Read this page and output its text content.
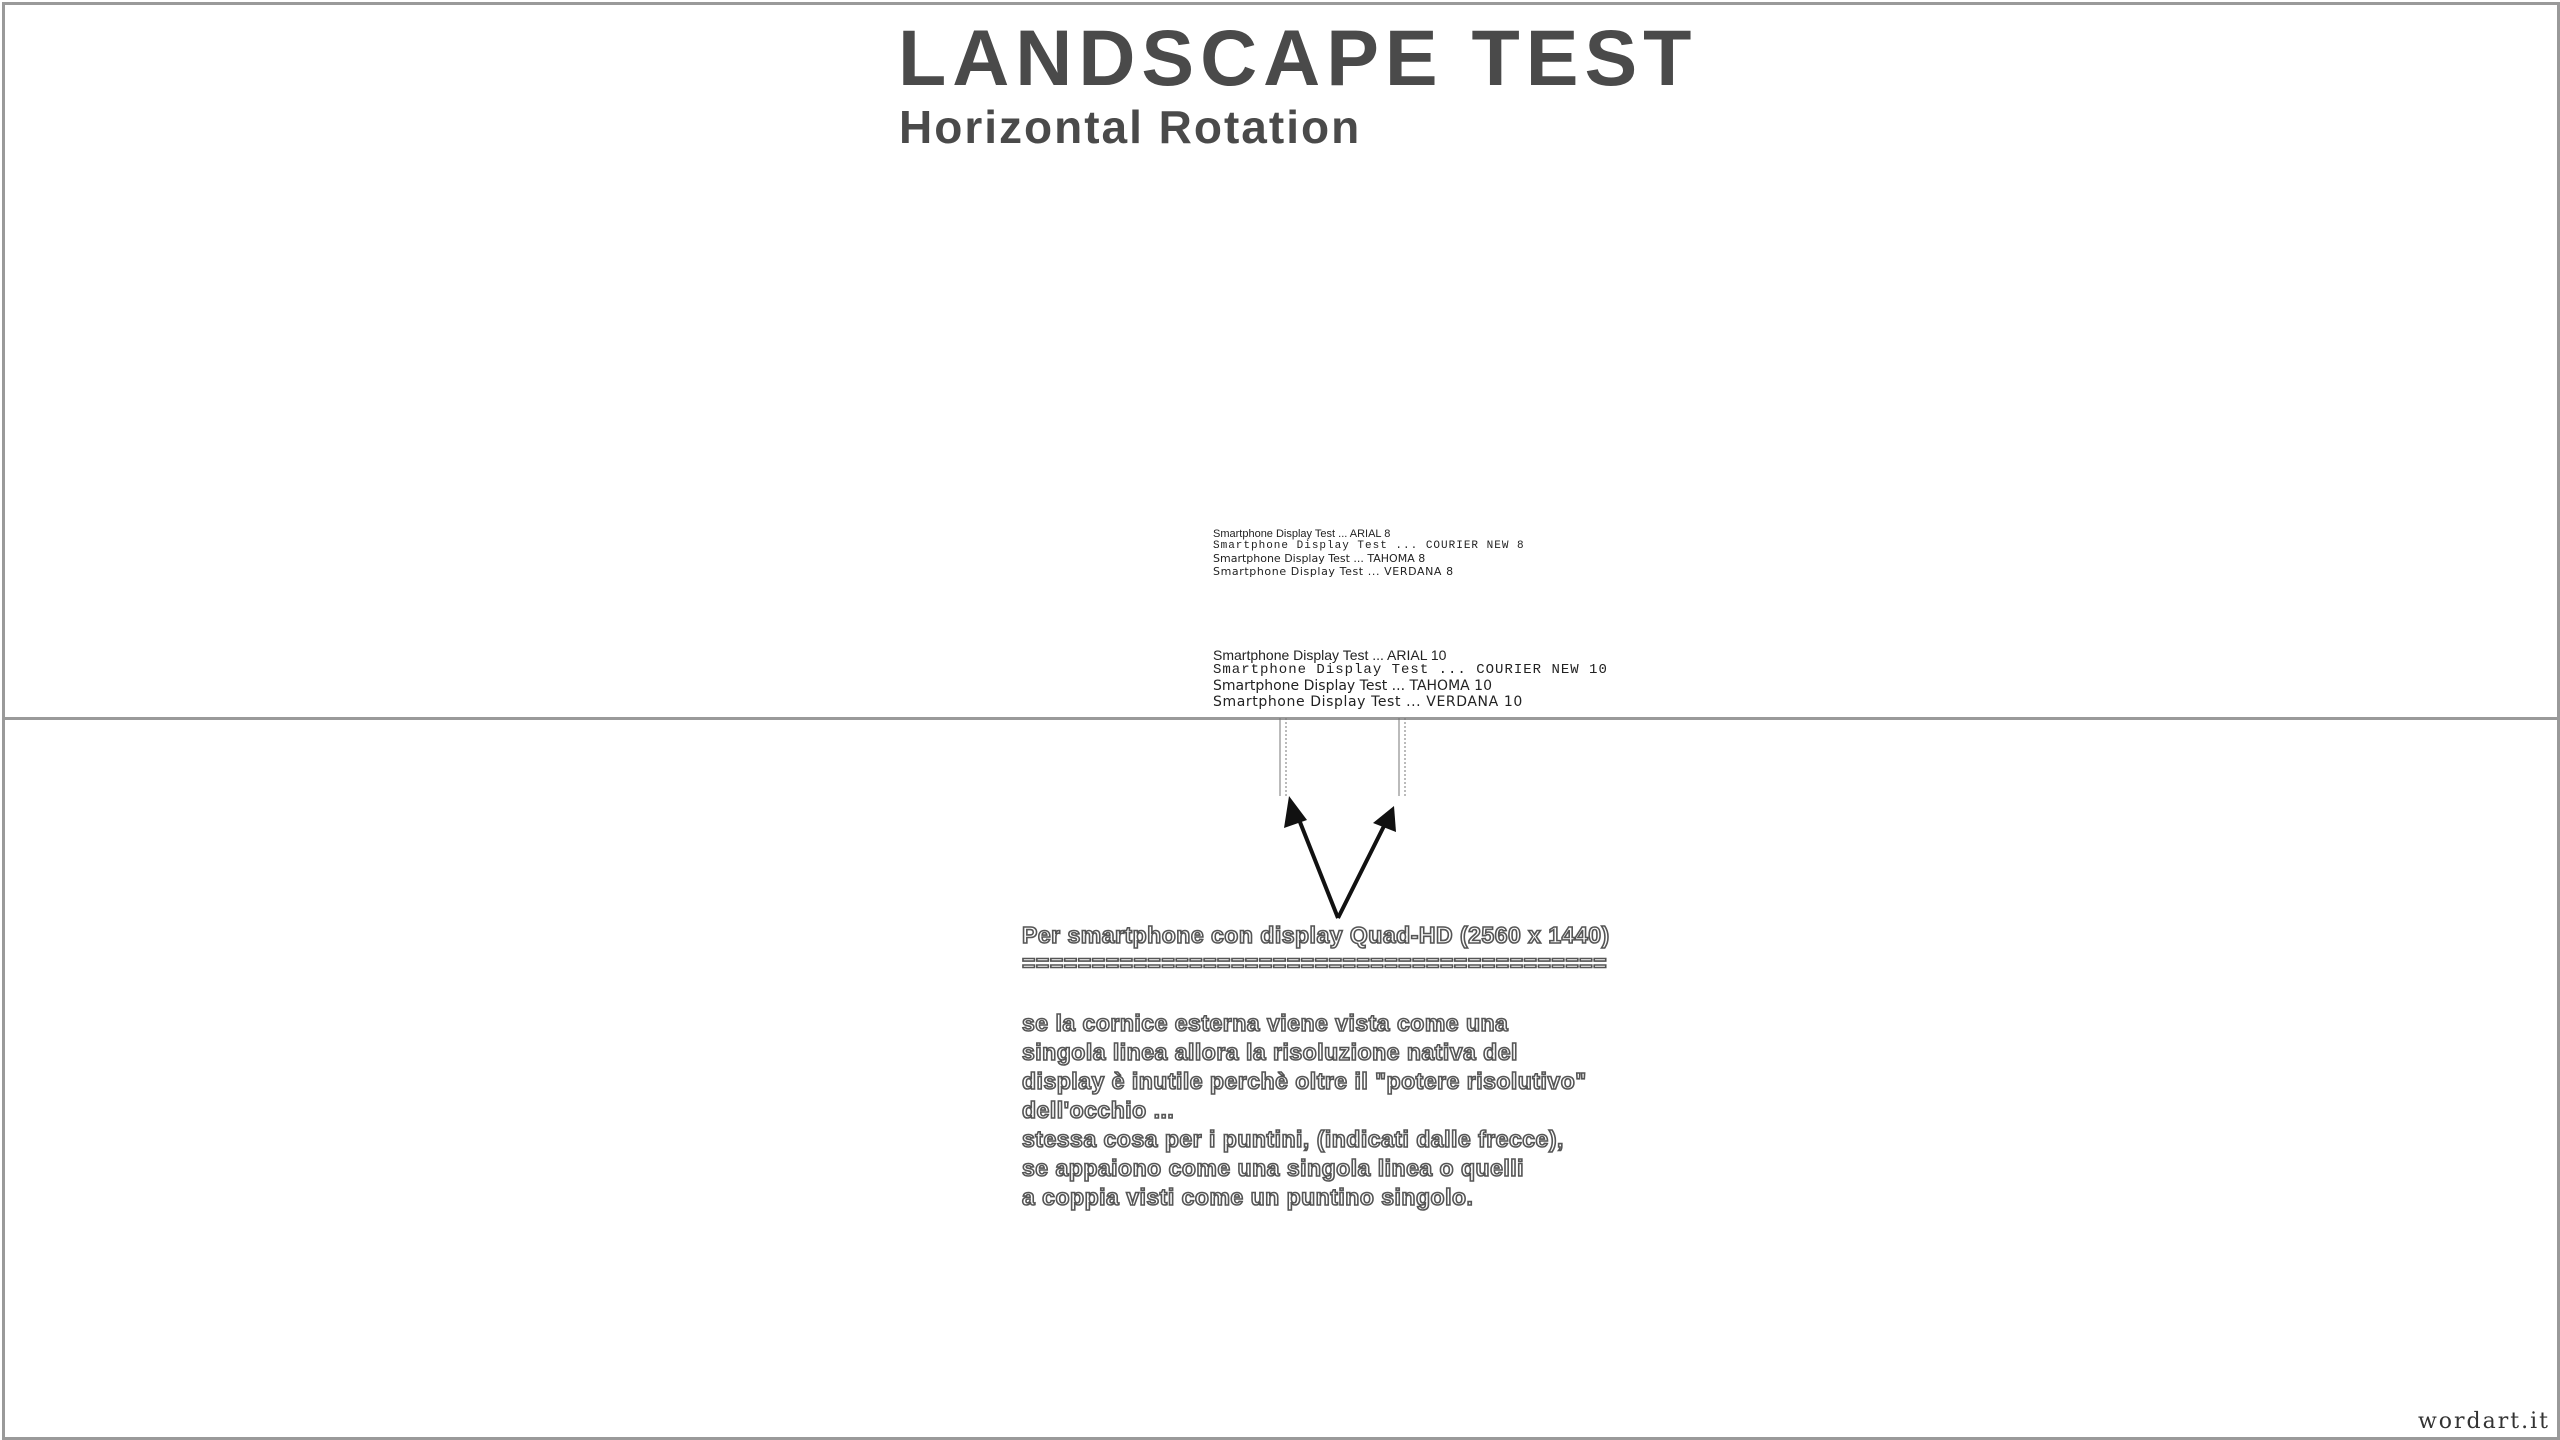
LANDSCAPE TEST
Horizontal Rotation
Smartphone Display Test ... ARIAL 8
Smartphone Display Test ... COURIER NEW 8
Smartphone Display Test ... TAHOMA 8
Smartphone Display Test ... VERDANA 8
Smartphone Display Test ... ARIAL 10
Smartphone Display Test ... COURIER NEW 10
Smartphone Display Test ... TAHOMA 10
Smartphone Display Test ... VERDANA 10
Per smartphone con display Quad-HD (2560 x 1440)
==========================================
se la cornice esterna viene vista come una
singola linea allora la risoluzione nativa del
display è inutile perchè oltre il "potere risolutivo"
dell'occhio ...
stessa cosa per i puntini, (indicati dalle frecce),
se appaiono come una singola linea o quelli
a coppia visti come un puntino singolo.
wordart.it
